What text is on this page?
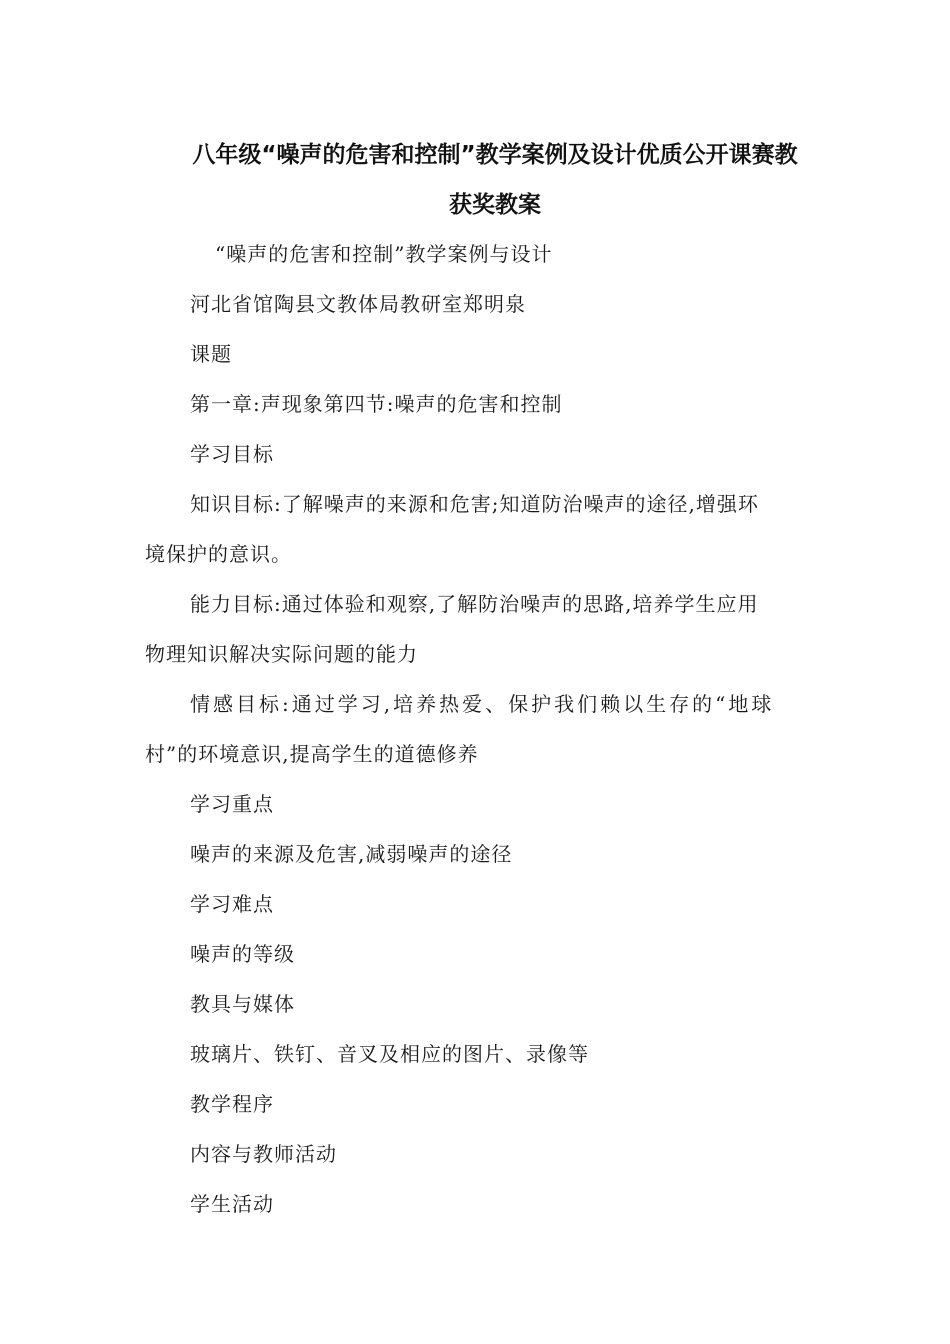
八年级“噪声的危害和控制”教学案例及设计优质公开课赛教
获奖教案
“噪声的危害和控制”教学案例与设计
河北省馆陶县文教体局教研室郑明泉
课题
第一章:声现象第四节:噪声的危害和控制
学习目标
知识目标:了解噪声的来源和危害;知道防治噪声的途径,增强环
境保护的意识。
能力目标:通过体验和观察,了解防治噪声的思路,培养学生应用
物理知识解决实际问题的能力
情感目标:通过学习,培养热爱、保护我们赖以生存的“地球
村”的环境意识,提高学生的道德修养
学习重点
噪声的来源及危害,减弱噪声的途径
学习难点
噪声的等级
教具与媒体
玻璃片、铁钉、音叉及相应的图片、录像等
教学程序
内容与教师活动
学生活动
